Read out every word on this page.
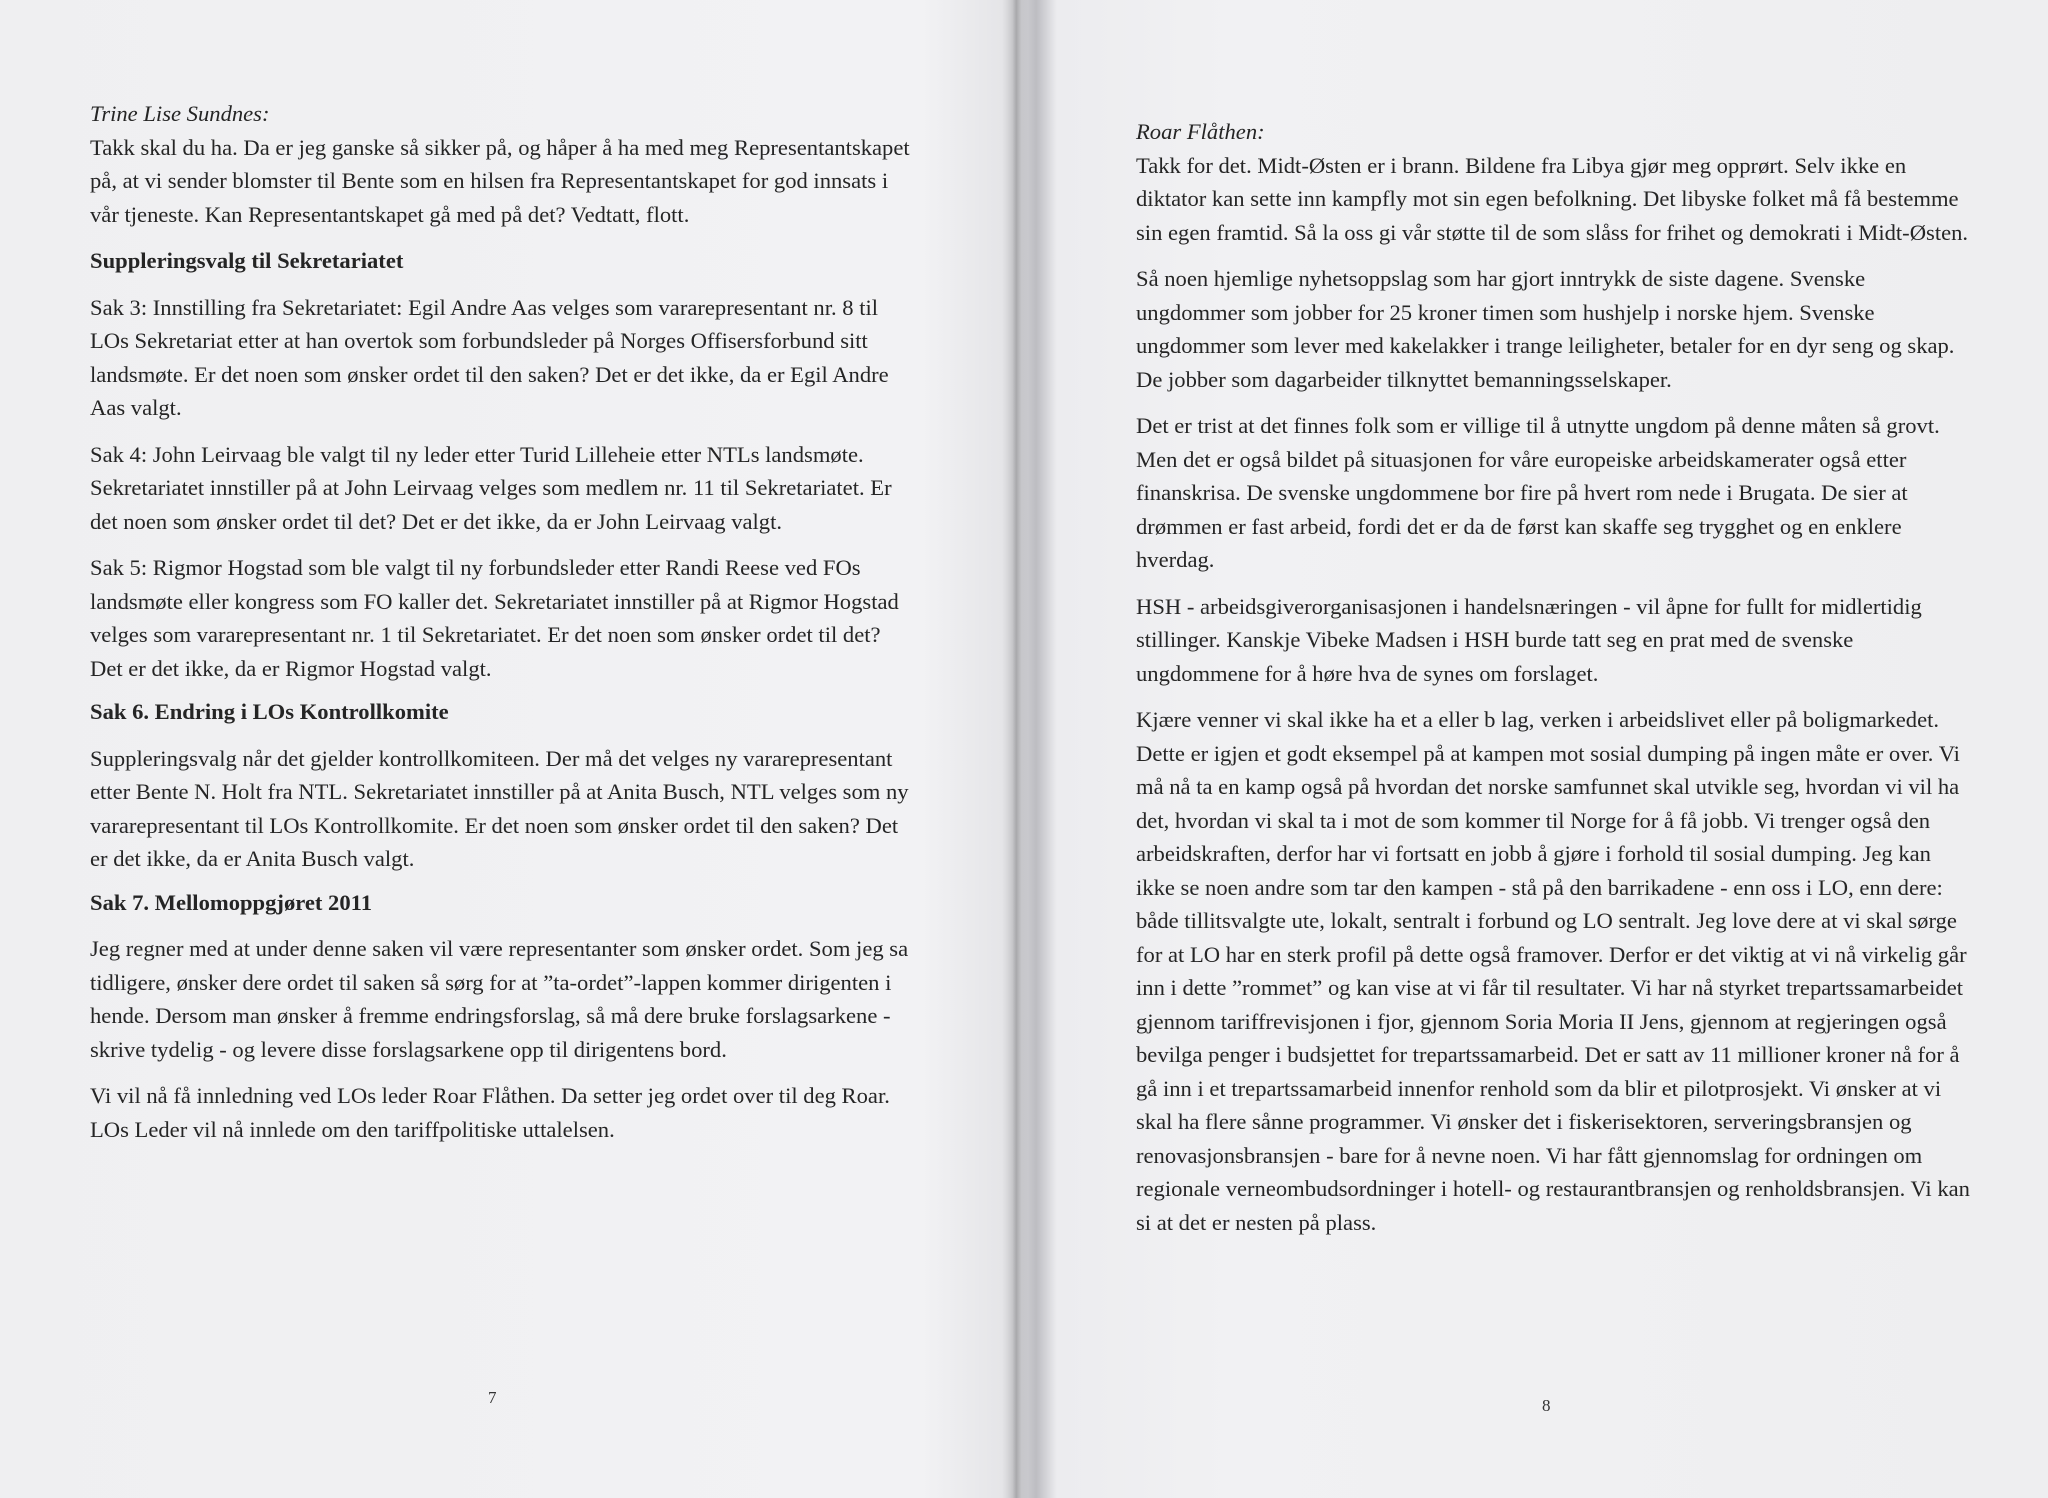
Trine Lise Sundnes:

Takk skal du ha. Da er jeg ganske så sikker på, og håper å ha med meg Representantskapet på, at vi sender blomster til Bente som en hilsen fra Representantskapet for god innsats i vår tjeneste. Kan Representantskapet gå med på det? Vedtatt, flott.

Suppleringsvalg til Sekretariatet

Sak 3: Innstilling fra Sekretariatet: Egil Andre Aas velges som vararepresentant nr. 8 til LOs Sekretariat etter at han overtok som forbundsleder på Norges Offisersforbund sitt landsmøte. Er det noen som ønsker ordet til den saken? Det er det ikke, da er Egil Andre Aas valgt.

Sak 4: John Leirvaag ble valgt til ny leder etter Turid Lilleheie etter NTLs landsmøte. Sekretariatet innstiller på at John Leirvaag velges som medlem nr. 11 til Sekretariatet. Er det noen som ønsker ordet til det? Det er det ikke, da er John Leirvaag valgt.

Sak 5: Rigmor Hogstad som ble valgt til ny forbundsleder etter Randi Reese ved FOs landsmøte eller kongress som FO kaller det. Sekretariatet innstiller på at Rigmor Hogstad velges som vararepresentant nr. 1 til Sekretariatet. Er det noen som ønsker ordet til det? Det er det ikke, da er Rigmor Hogstad valgt.

Sak 6. Endring i LOs Kontrollkomite

Suppleringsvalg når det gjelder kontrollkomiteen. Der må det velges ny vararepresentant etter Bente N. Holt fra NTL. Sekretariatet innstiller på at Anita Busch, NTL velges som ny vararepresentant til LOs Kontrollkomite. Er det noen som ønsker ordet til den saken? Det er det ikke, da er Anita Busch valgt.

Sak 7. Mellomoppgjøret 2011

Jeg regner med at under denne saken vil være representanter som ønsker ordet. Som jeg sa tidligere, ønsker dere ordet til saken så sørg for at ”ta-ordet”-lappen kommer dirigenten i hende. Dersom man ønsker å fremme endringsforslag, så må dere bruke forslagsarkene - skrive tydelig - og levere disse forslagsarkene opp til dirigentens bord.

Vi vil nå få innledning ved LOs leder Roar Flåthen. Da setter jeg ordet over til deg Roar. LOs Leder vil nå innlede om den tariffpolitiske uttalelsen.

7
Roar Flåthen:

Takk for det. Midt-Østen er i brann. Bildene fra Libya gjør meg opprørt. Selv ikke en diktator kan sette inn kampfly mot sin egen befolkning. Det libyske folket må få bestemme sin egen framtid. Så la oss gi vår støtte til de som slåss for frihet og demokrati i Midt-Østen.

Så noen hjemlige nyhetsoppslag som har gjort inntrykk de siste dagene. Svenske ungdommer som jobber for 25 kroner timen som hushjelp i norske hjem. Svenske ungdommer som lever med kakelakker i trange leiligheter, betaler for en dyr seng og skap. De jobber som dagarbeider tilknyttet bemanningsselskaper.

Det er trist at det finnes folk som er villige til å utnytte ungdom på denne måten så grovt. Men det er også bildet på situasjonen for våre europeiske arbeidskamerater også etter finanskrisa. De svenske ungdommene bor fire på hvert rom nede i Brugata. De sier at drømmen er fast arbeid, fordi det er da de først kan skaffe seg trygghet og en enklere hverdag.

HSH - arbeidsgiverorganisasjonen i handelsnæringen - vil åpne for fullt for midlertidig stillinger. Kanskje Vibeke Madsen i HSH burde tatt seg en prat med de svenske ungdommene for å høre hva de synes om forslaget.

Kjære venner vi skal ikke ha et a eller b lag, verken i arbeidslivet eller på boligmarkedet. Dette er igjen et godt eksempel på at kampen mot sosial dumping på ingen måte er over. Vi må nå ta en kamp også på hvordan det norske samfunnet skal utvikle seg, hvordan vi vil ha det, hvordan vi skal ta i mot de som kommer til Norge for å få jobb. Vi trenger også den arbeidskraften, derfor har vi fortsatt en jobb å gjøre i forhold til sosial dumping. Jeg kan ikke se noen andre som tar den kampen - stå på den barrikadene - enn oss i LO, enn dere: både tillitsvalgte ute, lokalt, sentralt i forbund og LO sentralt. Jeg love dere at vi skal sørge for at LO har en sterk profil på dette også framover. Derfor er det viktig at vi nå virkelig går inn i dette ”rommet” og kan vise at vi får til resultater. Vi har nå styrket trepartssamarbeidet gjennom tariffrevisjonen i fjor, gjennom Soria Moria II Jens, gjennom at regjeringen også bevilga penger i budsjettet for trepartssamarbeid. Det er satt av 11 millioner kroner nå for å gå inn i et trepartssamarbeid innenfor renhold som da blir et pilotprosjekt. Vi ønsker at vi skal ha flere sånne programmer. Vi ønsker det i fiskerisektoren, serveringsbransjen og renovasjonsbransjen - bare for å nevne noen. Vi har fått gjennomslag for ordningen om regionale verneombudsordninger i hotell- og restaurantbransjen og renholdsbransjen. Vi kan si at det er nesten på plass.

8
